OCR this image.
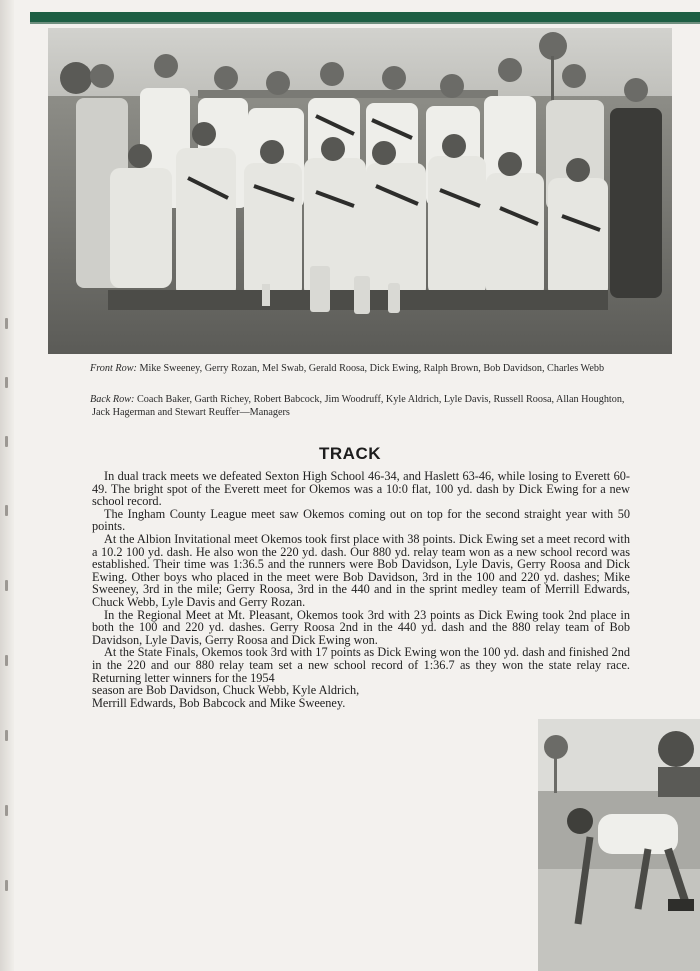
Front Row: Mike Sweeney, Gerry Rozan, Mel Swab, Gerald Roosa, Dick Ewing, Ralph Brown, Bob Davidson, Charles Webb
Back Row: Coach Baker, Garth Richey, Robert Babcock, Jim Woodruff, Kyle Aldrich, Lyle Davis, Russell Roosa, Allan Houghton, Jack Hagerman and Stewart Reuffer—Managers
TRACK

In dual track meets we defeated Sexton High School 46-34, and Haslett 63-46, while losing to Everett 60-49. The bright spot of the Everett meet for Okemos was a 10:0 flat, 100 yd. dash by Dick Ewing for a new school record.

The Ingham County League meet saw Okemos coming out on top for the second straight year with 50 points.

At the Albion Invitational meet Okemos took first place with 38 points. Dick Ewing set a meet record with a 10.2 100 yd. dash. He also won the 220 yd. dash. Our 880 yd. relay team won as a new school record was established. Their time was 1:36.5 and the runners were Bob Davidson, Lyle Davis, Gerry Roosa and Dick Ewing. Other boys who placed in the meet were Bob Davidson, 3rd in the 100 and 220 yd. dashes; Mike Sweeney, 3rd in the mile; Gerry Roosa, 3rd in the 440 and in the sprint medley team of Merrill Edwards, Chuck Webb, Lyle Davis and Gerry Rozan.

In the Regional Meet at Mt. Pleasant, Okemos took 3rd with 23 points as Dick Ewing took 2nd place in both the 100 and 220 yd. dashes. Gerry Roosa 2nd in the 440 yd. dash and the 880 relay team of Bob Davidson, Lyle Davis, Gerry Roosa and Dick Ewing won.

At the State Finals, Okemos took 3rd with 17 points as Dick Ewing won the 100 yd. dash and finished 2nd in the 220 and our 880 relay team set a new school record of 1:36.7 as they won the state relay race. Returning letter winners for the 1954

season are Bob Davidson, Chuck Webb, Kyle Aldrich,

Merrill Edwards, Bob Babcock and Mike Sweeney.
